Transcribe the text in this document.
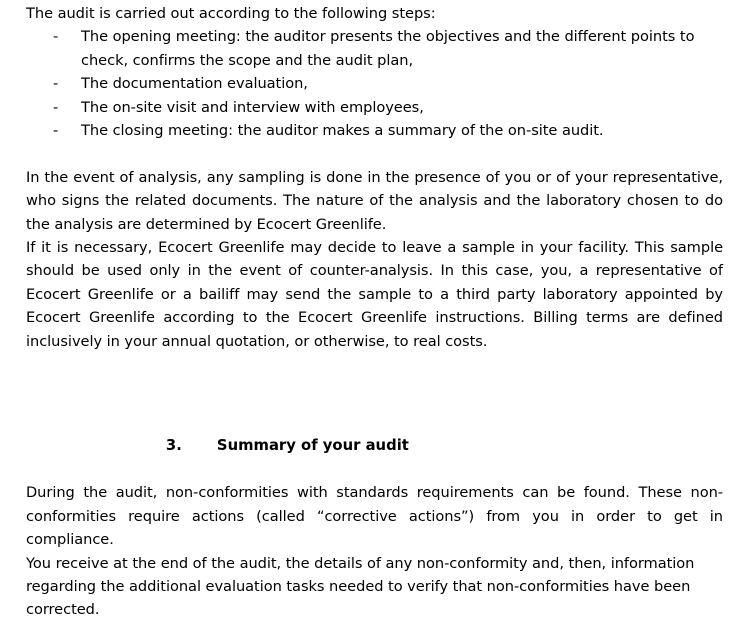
The audit is carried out according to the following steps:

-	The opening meeting: the auditor presents the objectives and the different points to check, confirms the scope and the audit plan,
-	The documentation evaluation,
-	The on-site visit and interview with employees,
-	The closing meeting: the auditor makes a summary of the on-site audit.

In the event of analysis, any sampling is done in the presence of you or of your representative, who signs the related documents. The nature of the analysis and the laboratory chosen to do the analysis are determined by Ecocert Greenlife.

If it is necessary, Ecocert Greenlife may decide to leave a sample in your facility. This sample should be used only in the event of counter-analysis. In this case, you, a representative of Ecocert Greenlife or a bailiff may send the sample to a third party laboratory appointed by Ecocert Greenlife according to the Ecocert Greenlife instructions. Billing terms are defined inclusively in your annual quotation, or otherwise, to real costs.

3. Summary of your audit

During the audit, non-conformities with standards requirements can be found. These non-conformities require actions (called “corrective actions”) from you in order to get in compliance.

You receive at the end of the audit, the details of any non-conformity and, then, information regarding the additional evaluation tasks needed to verify that non-conformities have been corrected.
